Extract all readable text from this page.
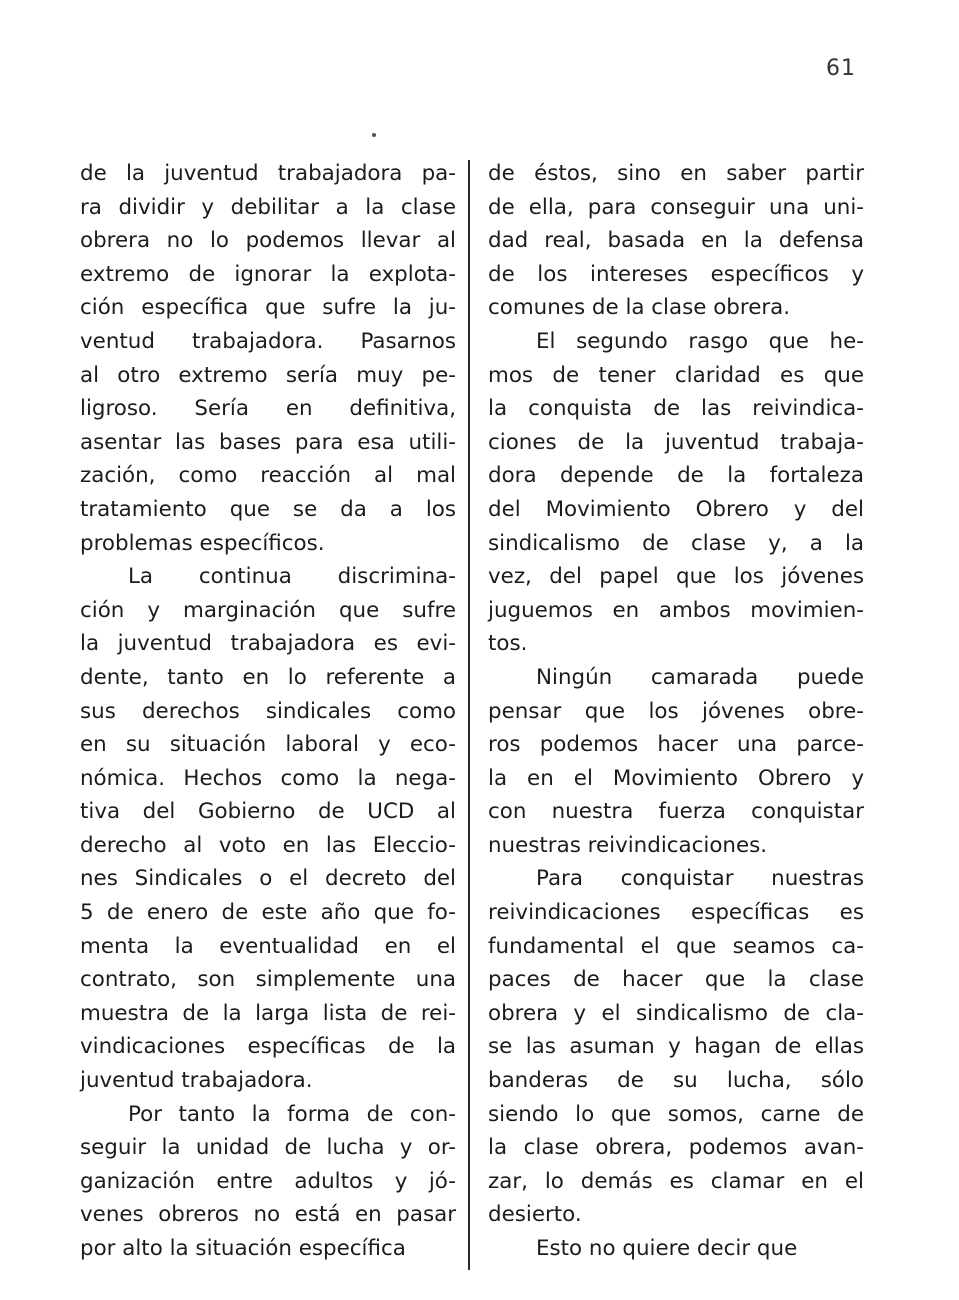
61
de la juventud trabajadora pa-
ra dividir y debilitar a la clase
obrera no lo podemos llevar al
extremo de ignorar la explota-
ción específica que sufre la ju-
ventud trabajadora. Pasarnos
al otro extremo sería muy pe-
ligroso. Sería en definitiva,
asentar las bases para esa utili-
zación, como reacción al mal
tratamiento que se da a los
problemas específicos.
La continua discrimina-
ción y marginación que sufre
la juventud trabajadora es evi-
dente, tanto en lo referente a
sus derechos sindicales como
en su situación laboral y eco-
nómica. Hechos como la nega-
tiva del Gobierno de UCD al
derecho al voto en las Eleccio-
nes Sindicales o el decreto del
5 de enero de este año que fo-
menta la eventualidad en el
contrato, son simplemente una
muestra de la larga lista de rei-
vindicaciones específicas de la
juventud trabajadora.
Por tanto la forma de con-
seguir la unidad de lucha y or-
ganización entre adultos y jó-
venes obreros no está en pasar
por alto la situación específica
de éstos, sino en saber partir
de ella, para conseguir una uni-
dad real, basada en la defensa
de los intereses específicos y
comunes de la clase obrera.
El segundo rasgo que he-
mos de tener claridad es que
la conquista de las reivindica-
ciones de la juventud trabaja-
dora depende de la fortaleza
del Movimiento Obrero y del
sindicalismo de clase y, a la
vez, del papel que los jóvenes
juguemos en ambos movimien-
tos.
Ningún camarada puede
pensar que los jóvenes obre-
ros podemos hacer una parce-
la en el Movimiento Obrero y
con nuestra fuerza conquistar
nuestras reivindicaciones.
Para conquistar nuestras
reivindicaciones específicas es
fundamental el que seamos ca-
paces de hacer que la clase
obrera y el sindicalismo de cla-
se las asuman y hagan de ellas
banderas de su lucha, sólo
siendo lo que somos, carne de
la clase obrera, podemos avan-
zar, lo demás es clamar en el
desierto.
Esto no quiere decir que
